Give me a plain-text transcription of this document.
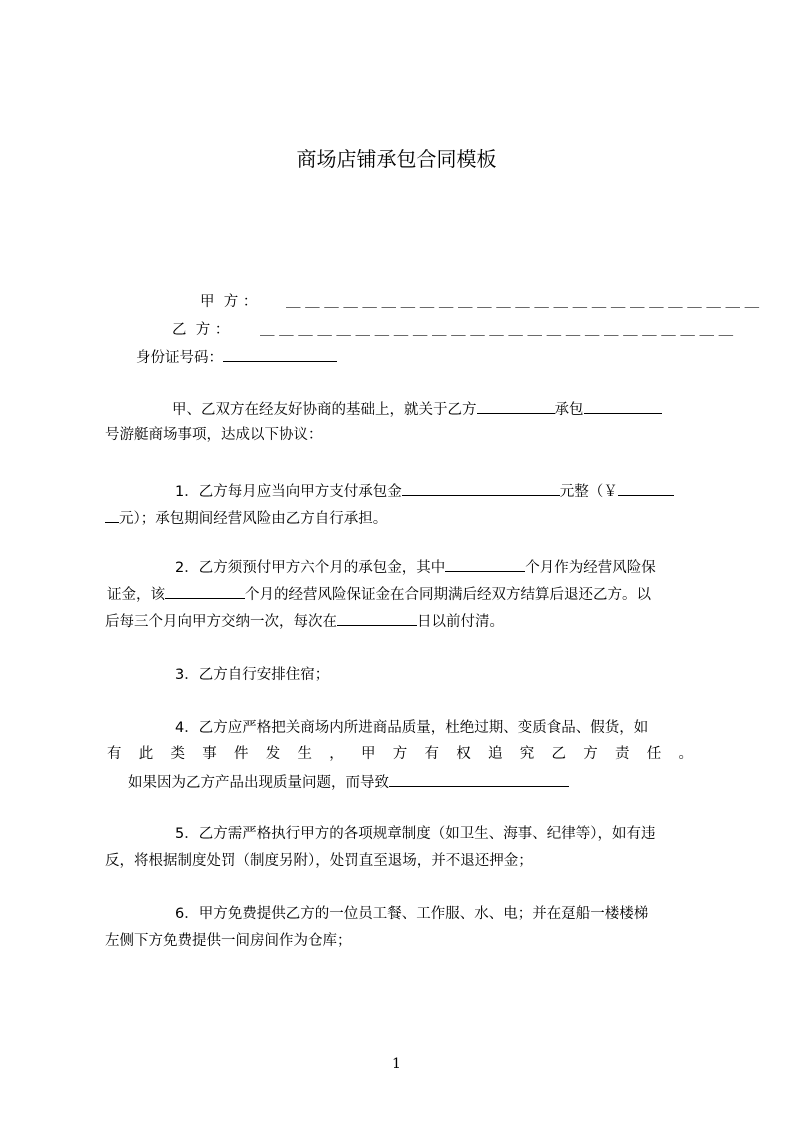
商场店铺承包合同模板
甲  方 ： ＿ ＿ ＿ ＿ ＿ ＿ ＿ ＿ ＿ ＿ ＿ ＿ ＿ ＿ ＿ ＿ ＿ ＿ ＿ ＿ ＿ ＿ ＿ ＿ ＿
乙  方 ： ＿ ＿ ＿ ＿ ＿ ＿ ＿ ＿ ＿ ＿ ＿ ＿ ＿ ＿ ＿ ＿ ＿ ＿ ＿ ＿ ＿ ＿ ＿ ＿ ＿
身份证号码：
甲、乙双方在经友好协商的基础上，就关于乙方	承包
号游艇商场事项，达成以下协议：
1．乙方每月应当向甲方支付承包金	元整（￥
元）；承包期间经营风险由乙方自行承担。
2．乙方须预付甲方六个月的承包金，其中	个月作为经营风险保
证金，该	个月的经营风险保证金在合同期满后经双方结算后退还乙方。以
后每三个月向甲方交纳一次，每次在	日以前付清。
3．乙方自行安排住宿；
4．乙方应严格把关商场内所进商品质量，杜绝过期、变质食品、假货，如
有 此 类 事 件 发 生 ， 甲 方 有 权 追 究 乙 方 责 任 。
如果因为乙方产品出现质量问题，而导致
5．乙方需严格执行甲方的各项规章制度（如卫生、海事、纪律等），如有违
反，将根据制度处罚（制度另附），处罚直至退场，并不退还押金；
6．甲方免费提供乙方的一位员工餐、工作服、水、电；并在趸船一楼楼梯
左侧下方免费提供一间房间作为仓库；
1
